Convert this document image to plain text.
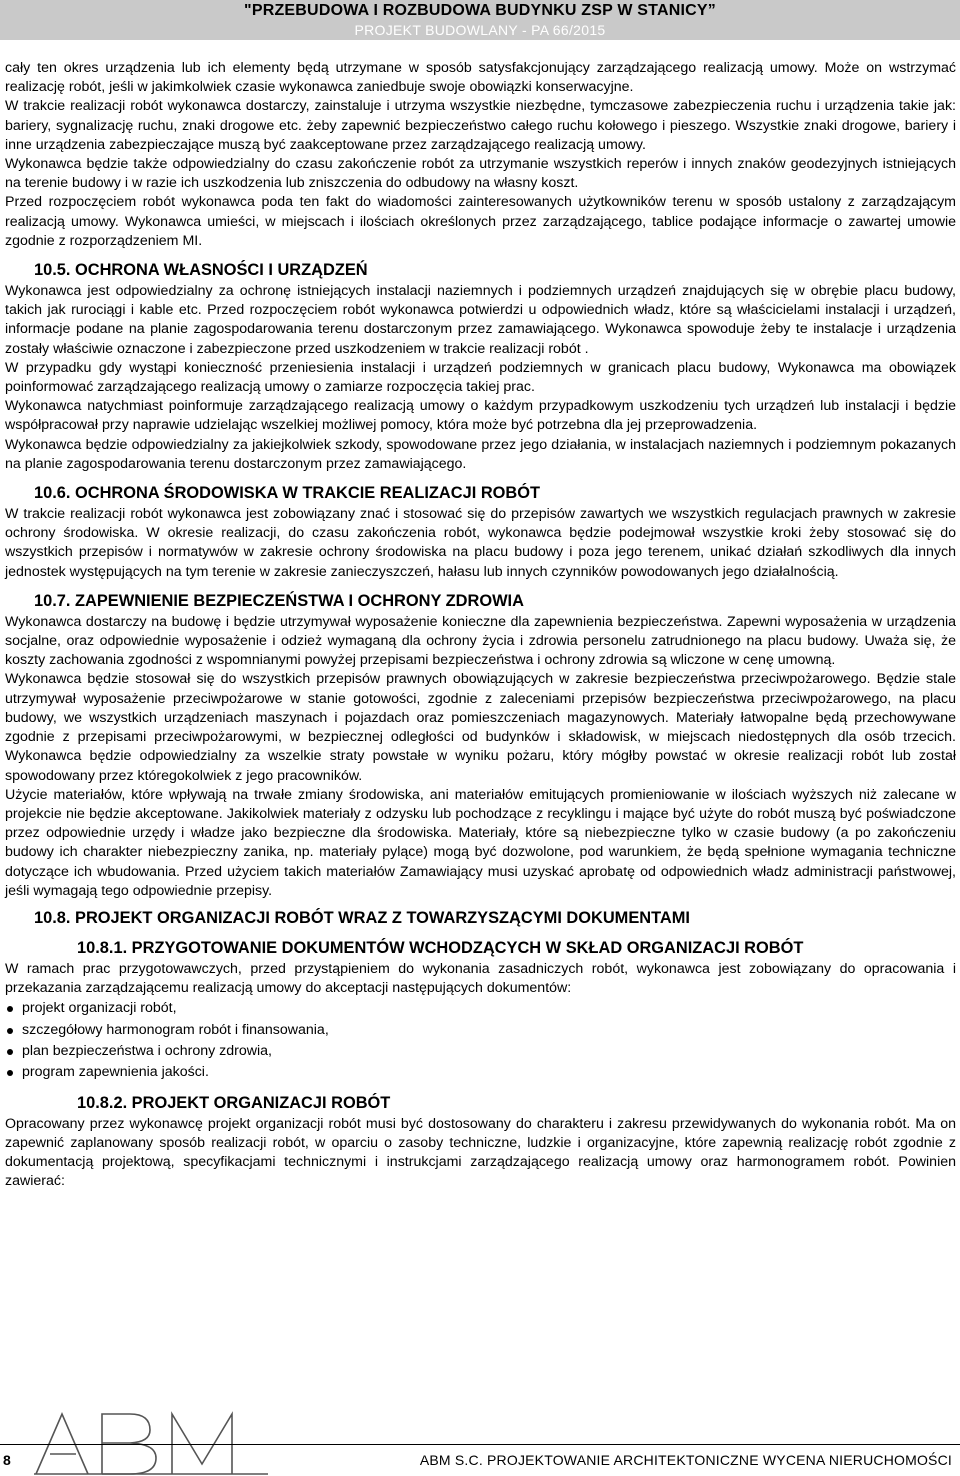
"PRZEBUDOWA I ROZBUDOWA BUDYNKU ZSP W STANICY”
PROJEKT BUDOWLANY - PA 66/2015

cały ten okres urządzenia lub ich elementy będą utrzymane w sposób satysfakcjonujący zarządzającego realizacją umowy. Może on wstrzymać realizację robót, jeśli w jakimkolwiek czasie wykonawca zaniedbuje swoje obowiązki konserwacyjne.

W trakcie realizacji robót wykonawca dostarczy, zainstaluje i utrzyma wszystkie niezbędne, tymczasowe zabezpieczenia ruchu i urządzenia takie jak: bariery, sygnalizację ruchu, znaki drogowe etc. żeby zapewnić bezpieczeństwo całego ruchu kołowego i pieszego. Wszystkie znaki drogowe, bariery i inne urządzenia zabezpieczające muszą być zaakceptowane przez zarządzającego realizacją umowy.

Wykonawca będzie także odpowiedzialny do czasu zakończenie robót za utrzymanie wszystkich reperów i innych znaków geodezyjnych istniejących na terenie budowy i w razie ich uszkodzenia lub zniszczenia do odbudowy na własny koszt.

Przed rozpoczęciem robót wykonawca poda ten fakt do wiadomości zainteresowanych użytkowników terenu w sposób ustalony z zarządzającym realizacją umowy. Wykonawca umieści, w miejscach i ilościach określonych przez zarządzającego, tablice podające informacje o zawartej umowie zgodnie z rozporządzeniem MI.

10.5. OCHRONA WŁASNOŚCI I URZĄDZEŃ

Wykonawca jest odpowiedzialny za ochronę istniejących instalacji naziemnych i podziemnych urządzeń znajdujących się w obrębie placu budowy, takich jak rurociągi i kable etc. Przed rozpoczęciem robót wykonawca potwierdzi u odpowiednich władz, które są właścicielami instalacji i urządzeń, informacje podane na planie zagospodarowania terenu dostarczonym przez zamawiającego. Wykonawca spowoduje żeby te instalacje i urządzenia zostały właściwie oznaczone i zabezpieczone przed uszkodzeniem w trakcie realizacji robót .

W przypadku gdy wystąpi konieczność przeniesienia instalacji i urządzeń podziemnych w granicach placu budowy, Wykonawca ma obowiązek poinformować zarządzającego realizacją umowy o zamiarze rozpoczęcia takiej prac.

Wykonawca natychmiast poinformuje zarządzającego realizacją umowy o każdym przypadkowym uszkodzeniu tych urządzeń lub instalacji i będzie współpracował przy naprawie udzielając wszelkiej możliwej pomocy, która może być potrzebna dla jej przeprowadzenia.

Wykonawca będzie odpowiedzialny za jakiejkolwiek szkody, spowodowane przez jego działania, w instalacjach naziemnych i podziemnym pokazanych na planie zagospodarowania terenu dostarczonym przez zamawiającego.

10.6. OCHRONA ŚRODOWISKA W TRAKCIE REALIZACJI ROBÓT

W trakcie realizacji robót wykonawca jest zobowiązany znać i stosować się do przepisów zawartych we wszystkich regulacjach prawnych w zakresie ochrony środowiska. W okresie realizacji, do czasu zakończenia robót, wykonawca będzie podejmował wszystkie kroki żeby stosować się do wszystkich przepisów i normatywów w zakresie ochrony środowiska na placu budowy i poza jego terenem, unikać działań szkodliwych dla innych jednostek występujących na tym terenie w zakresie zanieczyszczeń, hałasu lub innych czynników powodowanych jego działalnością.

10.7. ZAPEWNIENIE BEZPIECZEŃSTWA I OCHRONY ZDROWIA

Wykonawca dostarczy na budowę i będzie utrzymywał wyposażenie konieczne dla zapewnienia bezpieczeństwa. Zapewni wyposażenia w urządzenia socjalne, oraz odpowiednie wyposażenie i odzież wymaganą dla ochrony życia i zdrowia personelu zatrudnionego na placu budowy. Uważa się, że koszty zachowania zgodności z wspomnianymi powyżej przepisami bezpieczeństwa i ochrony zdrowia są wliczone w cenę umowną.

Wykonawca będzie stosował się do wszystkich przepisów prawnych obowiązujących w zakresie bezpieczeństwa przeciwpożarowego. Będzie stale utrzymywał wyposażenie przeciwpożarowe w stanie gotowości, zgodnie z zaleceniami przepisów bezpieczeństwa przeciwpożarowego, na placu budowy, we wszystkich urządzeniach maszynach i pojazdach oraz pomieszczeniach magazynowych. Materiały łatwopalne będą przechowywane zgodnie z przepisami przeciwpożarowymi, w bezpiecznej odległości od budynków i składowisk, w miejscach niedostępnych dla osób trzecich. Wykonawca będzie odpowiedzialny za wszelkie straty powstałe w wyniku pożaru, który mógłby powstać w okresie realizacji robót lub został spowodowany przez któregokolwiek z jego pracowników.

Użycie materiałów, które wpływają na trwałe zmiany środowiska, ani materiałów emitujących promieniowanie w ilościach wyższych niż zalecane w projekcie nie będzie akceptowane. Jakikolwiek materiały z odzysku lub pochodzące z recyklingu i mające być użyte do robót muszą być poświadczone przez odpowiednie urzędy i władze jako bezpieczne dla środowiska. Materiały, które są niebezpieczne tylko w czasie budowy (a po zakończeniu budowy ich charakter niebezpieczny zanika, np. materiały pylące) mogą być dozwolone, pod warunkiem, że będą spełnione wymagania techniczne dotyczące ich wbudowania. Przed użyciem takich materiałów Zamawiający musi uzyskać aprobatę od odpowiednich władz administracji państwowej, jeśli wymagają tego odpowiednie przepisy.

10.8. PROJEKT ORGANIZACJI ROBÓT WRAZ Z TOWARZYSZĄCYMI DOKUMENTAMI
10.8.1. PRZYGOTOWANIE DOKUMENTÓW WCHODZĄCYCH W SKŁAD ORGANIZACJI ROBÓT

W ramach prac przygotowawczych, przed przystąpieniem do wykonania zasadniczych robót, wykonawca jest zobowiązany do opracowania i przekazania zarządzającemu realizacją umowy do akceptacji następujących dokumentów:

projekt organizacji robót,
szczegółowy harmonogram robót i finansowania,
plan bezpieczeństwa i ochrony zdrowia,
program zapewnienia jakości.
10.8.2. PROJEKT ORGANIZACJI ROBÓT

Opracowany przez wykonawcę projekt organizacji robót musi być dostosowany do charakteru i zakresu przewidywanych do wykonania robót. Ma on zapewnić zaplanowany sposób realizacji robót, w oparciu o zasoby techniczne, ludzkie i organizacyjne, które zapewnią realizację robót zgodnie z dokumentacją projektową, specyfikacjami technicznymi i instrukcjami zarządzającego realizacją umowy oraz harmonogramem robót. Powinien zawierać:

8	ABM S.C. PROJEKTOWANIE ARCHITEKTONICZNE WYCENA NIERUCHOMOŚCI
